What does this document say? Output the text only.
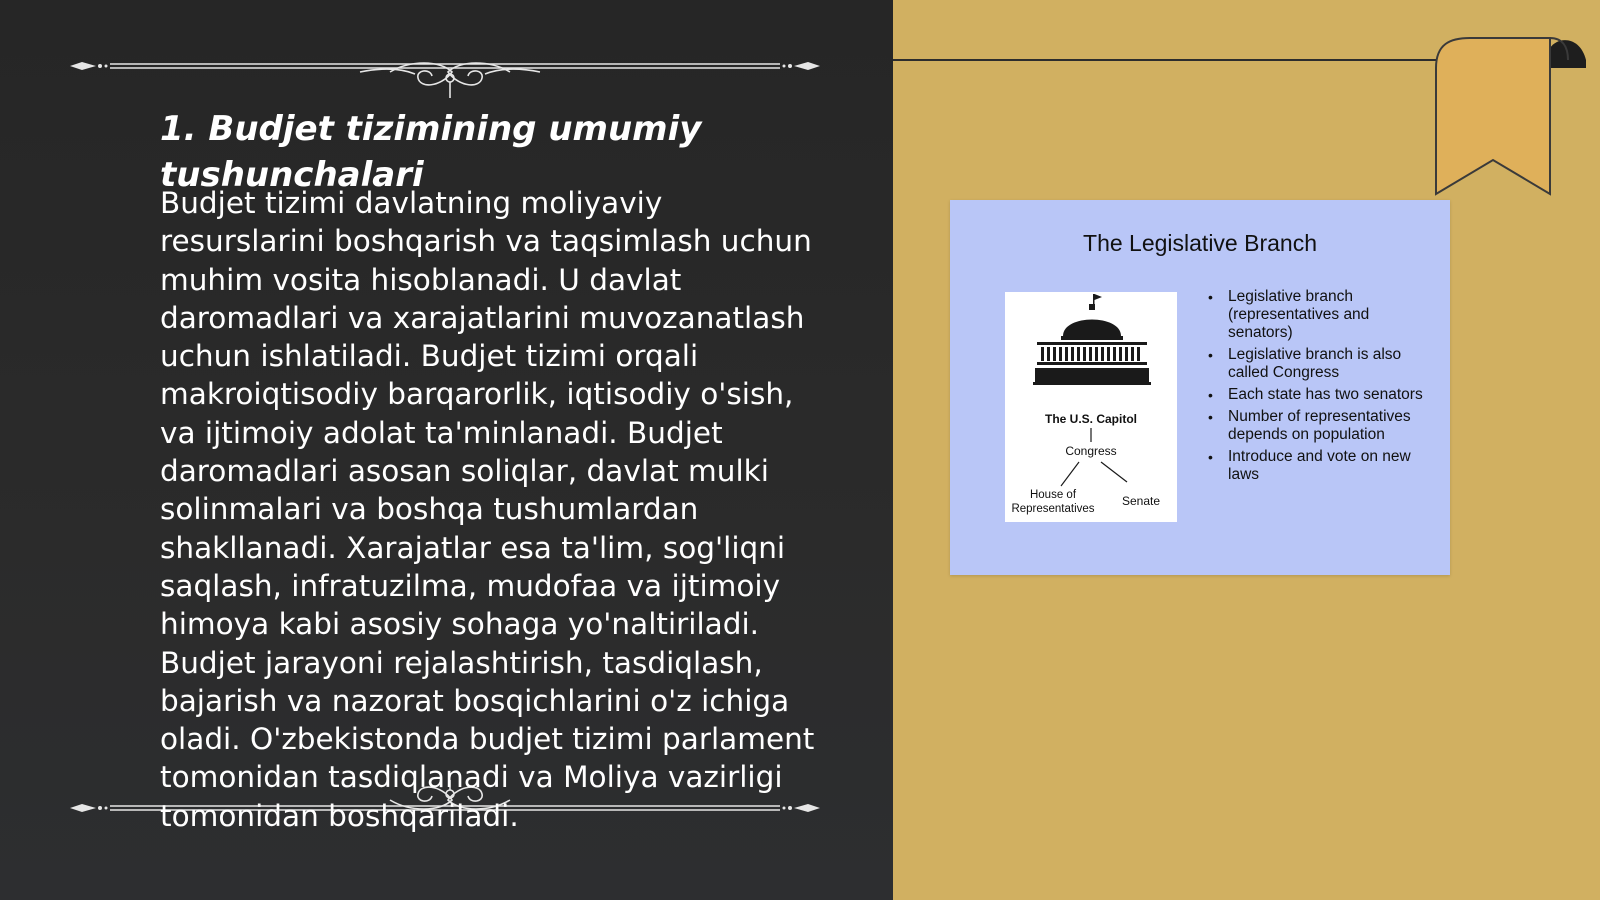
1. Budjet tizimining umumiy tushunchalari

Budjet tizimi davlatning moliyaviy resurslarini boshqarish va taqsimlash uchun muhim vosita hisoblanadi. U davlat daromadlari va xarajatlarini muvozanatlash uchun ishlatiladi. Budjet tizimi orqali makroiqtisodiy barqarorlik, iqtisodiy o'sish, va ijtimoiy adolat ta'minlanadi. Budjet daromadlari asosan soliqlar, davlat mulki solinmalari va boshqa tushumlardan shakllanadi. Xarajatlar esa ta'lim, sog'liqni saqlash, infratuzilma, mudofaa va ijtimoiy himoya kabi asosiy sohaga yo'naltiriladi. Budjet jarayoni rejalashtirish, tasdiqlash, bajarish va nazorat bosqichlarini o'z ichiga oladi. O'zbekistonda budjet tizimi parlament tomonidan tasdiqlanadi va Moliya vazirligi tomonidan boshqariladi.

The Legislative Branch
The U.S. Capitol
Congress
House of Representatives
Senate
• Legislative branch (representatives and senators)
• Legislative branch is also called Congress
• Each state has two senators
• Number of representatives depends on population
• Introduce and vote on new laws
